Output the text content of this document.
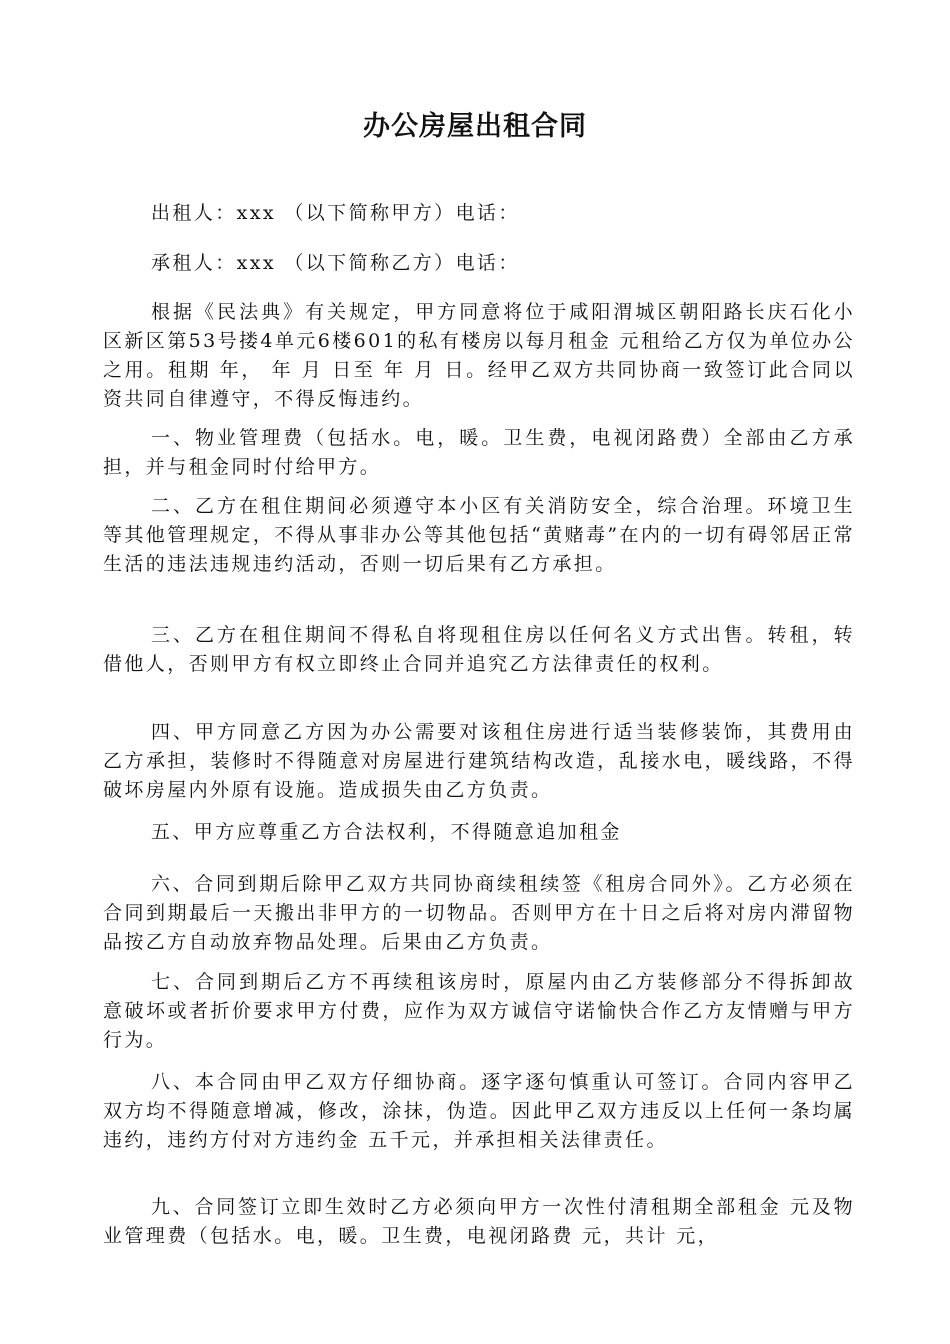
办公房屋出租合同

出租人：xxx （以下简称甲方）电话：

承租人：xxx （以下简称乙方）电话：

根据《民法典》有关规定，甲方同意将位于咸阳渭城区朝阳路长庆石化小区新区第53号搂4单元6楼601的私有楼房以每月租金 元租给乙方仅为单位办公 之用。租期 年， 年 月 日至 年 月 日。经甲乙双方共同协商一致签订此合同以资共同自律遵守，不得反悔违约。

一、物业管理费（包括水。电，暖。卫生费，电视闭路费）全部由乙方承担，并与租金同时付给甲方。

二、乙方在租住期间必须遵守本小区有关消防安全，综合治理。环境卫生等其他管理规定，不得从事非办公等其他包括“黄赌毒”在内的一切有碍邻居正常生活的违法违规违约活动，否则一切后果有乙方承担。

三、乙方在租住期间不得私自将现租住房以任何名义方式出售。转租，转借他人，否则甲方有权立即终止合同并追究乙方法律责任的权利。

四、甲方同意乙方因为办公需要对该租住房进行适当装修装饰，其费用由乙方承担，装修时不得随意对房屋进行建筑结构改造，乱接水电，暖线路，不得破坏房屋内外原有设施。造成损失由乙方负责。

五、甲方应尊重乙方合法权利，不得随意追加租金

六、合同到期后除甲乙双方共同协商续租续签《租房合同外》。乙方必须在合同到期最后一天搬出非甲方的一切物品。否则甲方在十日之后将对房内滞留物品按乙方自动放弃物品处理。后果由乙方负责。

七、合同到期后乙方不再续租该房时，原屋内由乙方装修部分不得拆卸故意破坏或者折价要求甲方付费，应作为双方诚信守诺愉快合作乙方友情赠与甲方行为。

八、本合同由甲乙双方仔细协商。逐字逐句慎重认可签订。合同内容甲乙双方均不得随意增减，修改，涂抹，伪造。因此甲乙双方违反以上任何一条均属违约，违约方付对方违约金 五千元，并承担相关法律责任。

九、合同签订立即生效时乙方必须向甲方一次性付清租期全部租金 元及物业管理费（包括水。电，暖。卫生费，电视闭路费 元，共计 元，
